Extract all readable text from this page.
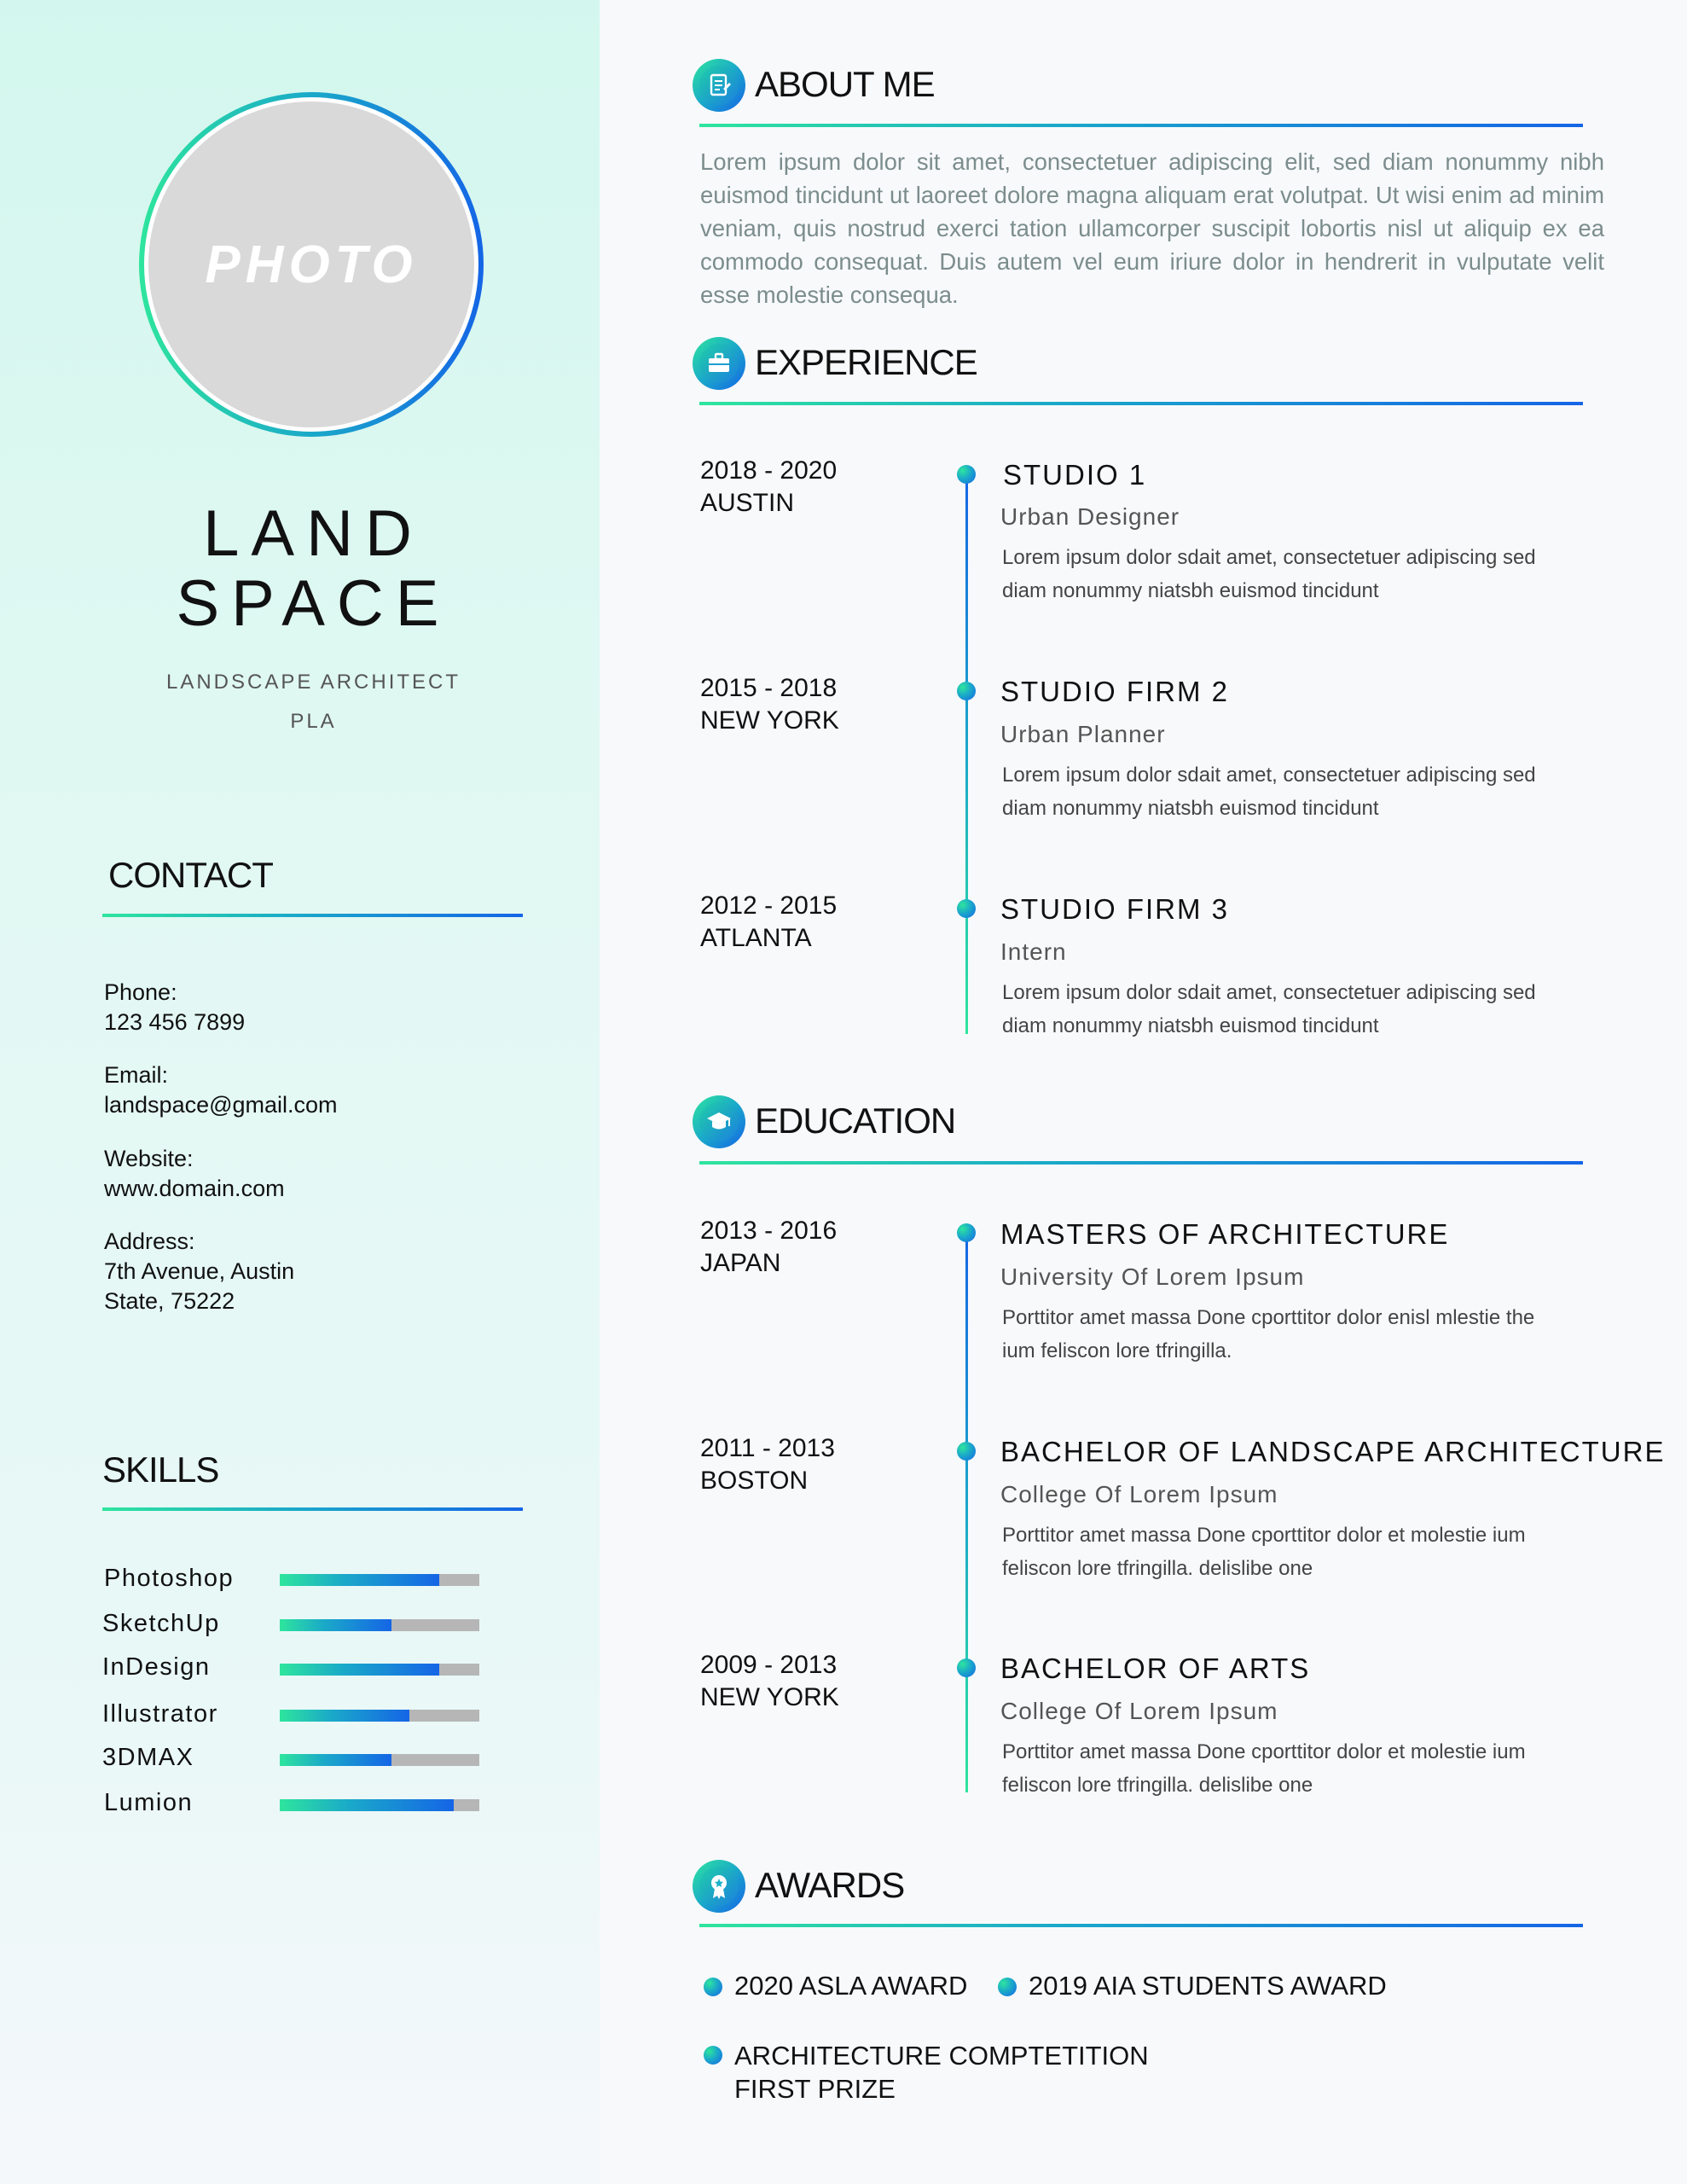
PHOTO
LAND
SPACE
LANDSCAPE ARCHITECT
PLA
CONTACT
Phone:
123 456 7899
Email:
landspace@gmail.com
Website:
www.domain.com
Address:
7th Avenue, Austin
State, 75222
SKILLS
Photoshop
SketchUp
InDesign
Illustrator
3DMAX
Lumion
ABOUT ME
Lorem ipsum dolor sit amet, consectetuer adipiscing elit, sed diam nonummy nibh euismod tincidunt ut laoreet dolore magna aliquam erat volutpat. Ut wisi enim ad minim veniam, quis nostrud exerci tation ullamcorper suscipit lobortis nisl ut aliquip ex ea commodo consequat. Duis autem vel eum iriure dolor in hendrerit in vulputate velit esse molestie consequa.
EXPERIENCE
2018 - 2020
AUSTIN
STUDIO 1
Urban Designer
Lorem ipsum dolor sdait amet, consectetuer adipiscing sed
diam nonummy niatsbh euismod tincidunt
2015 - 2018
NEW YORK
STUDIO FIRM 2
Urban Planner
Lorem ipsum dolor sdait amet, consectetuer adipiscing sed
diam nonummy niatsbh euismod tincidunt
2012 - 2015
ATLANTA
STUDIO FIRM 3
Intern
Lorem ipsum dolor sdait amet, consectetuer adipiscing sed
diam nonummy niatsbh euismod tincidunt
EDUCATION
2013 - 2016
JAPAN
MASTERS OF ARCHITECTURE
University Of Lorem Ipsum
Porttitor amet massa Done cporttitor dolor enisl mlestie the
ium feliscon lore tfringilla.
2011 - 2013
BOSTON
BACHELOR OF LANDSCAPE ARCHITECTURE
College Of Lorem Ipsum
Porttitor amet massa Done cporttitor dolor et molestie ium
feliscon lore tfringilla. delislibe one
2009 - 2013
NEW YORK
BACHELOR OF ARTS
College Of Lorem Ipsum
Porttitor amet massa Done cporttitor dolor et molestie ium
feliscon lore tfringilla. delislibe one
AWARDS
2020 ASLA AWARD 2019 AIA STUDENTS AWARD
ARCHITECTURE COMPTETITION
FIRST PRIZE
